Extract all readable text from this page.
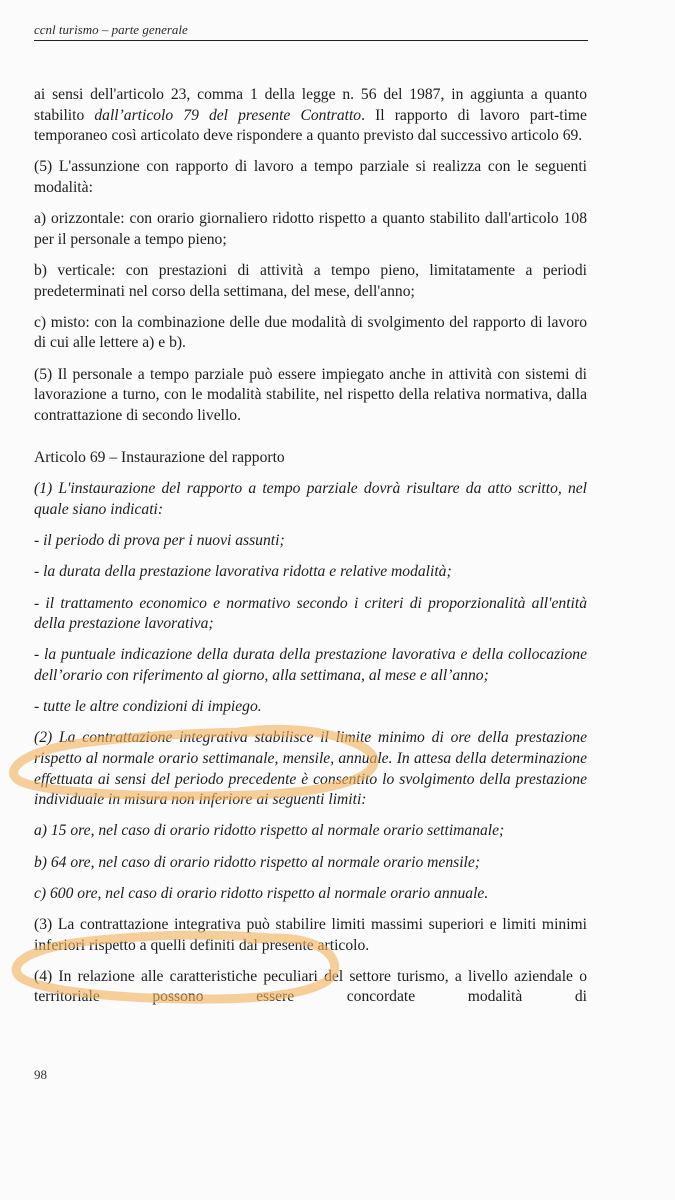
ccnl turismo – parte generale

ai sensi dell'articolo 23, comma 1 della legge n. 56 del 1987, in aggiunta a quanto stabilito dall’articolo 79 del presente Contratto. Il rapporto di lavoro part-time temporaneo così articolato deve rispondere a quanto previsto dal successivo articolo 69.

(5) L'assunzione con rapporto di lavoro a tempo parziale si realizza con le seguenti modalità:

a) orizzontale: con orario giornaliero ridotto rispetto a quanto stabilito dall'articolo 108 per il personale a tempo pieno;

b) verticale: con prestazioni di attività a tempo pieno, limitatamente a periodi predeterminati nel corso della settimana, del mese, dell'anno;

c) misto: con la combinazione delle due modalità di svolgimento del rapporto di lavoro di cui alle lettere a) e b).

(5) Il personale a tempo parziale può essere impiegato anche in attività con sistemi di lavorazione a turno, con le modalità stabilite, nel rispetto della relativa normativa, dalla contrattazione di secondo livello.

Articolo 69 – Instaurazione del rapporto

(1) L'instaurazione del rapporto a tempo parziale dovrà risultare da atto scritto, nel quale siano indicati:

- il periodo di prova per i nuovi assunti;

- la durata della prestazione lavorativa ridotta e relative modalità;

- il trattamento economico e normativo secondo i criteri di proporzionalità all'entità della prestazione lavorativa;

- la puntuale indicazione della durata della prestazione lavorativa e della collocazione dell’orario con riferimento al giorno, alla settimana, al mese e all’anno;

- tutte le altre condizioni di impiego.

(2) La contrattazione integrativa stabilisce il limite minimo di ore della prestazione rispetto al normale orario settimanale, mensile, annuale. In attesa della determinazione effettuata ai sensi del periodo precedente è consentito lo svolgimento della prestazione individuale in misura non inferiore ai seguenti limiti:

a) 15 ore, nel caso di orario ridotto rispetto al normale orario settimanale;

b) 64 ore, nel caso di orario ridotto rispetto al normale orario mensile;

c) 600 ore, nel caso di orario ridotto rispetto al normale orario annuale.

(3) La contrattazione integrativa può stabilire limiti massimi superiori e limiti minimi inferiori rispetto a quelli definiti dal presente articolo.

(4) In relazione alle caratteristiche peculiari del settore turismo, a livello aziendale o territoriale possono essere concordate modalità di

98
